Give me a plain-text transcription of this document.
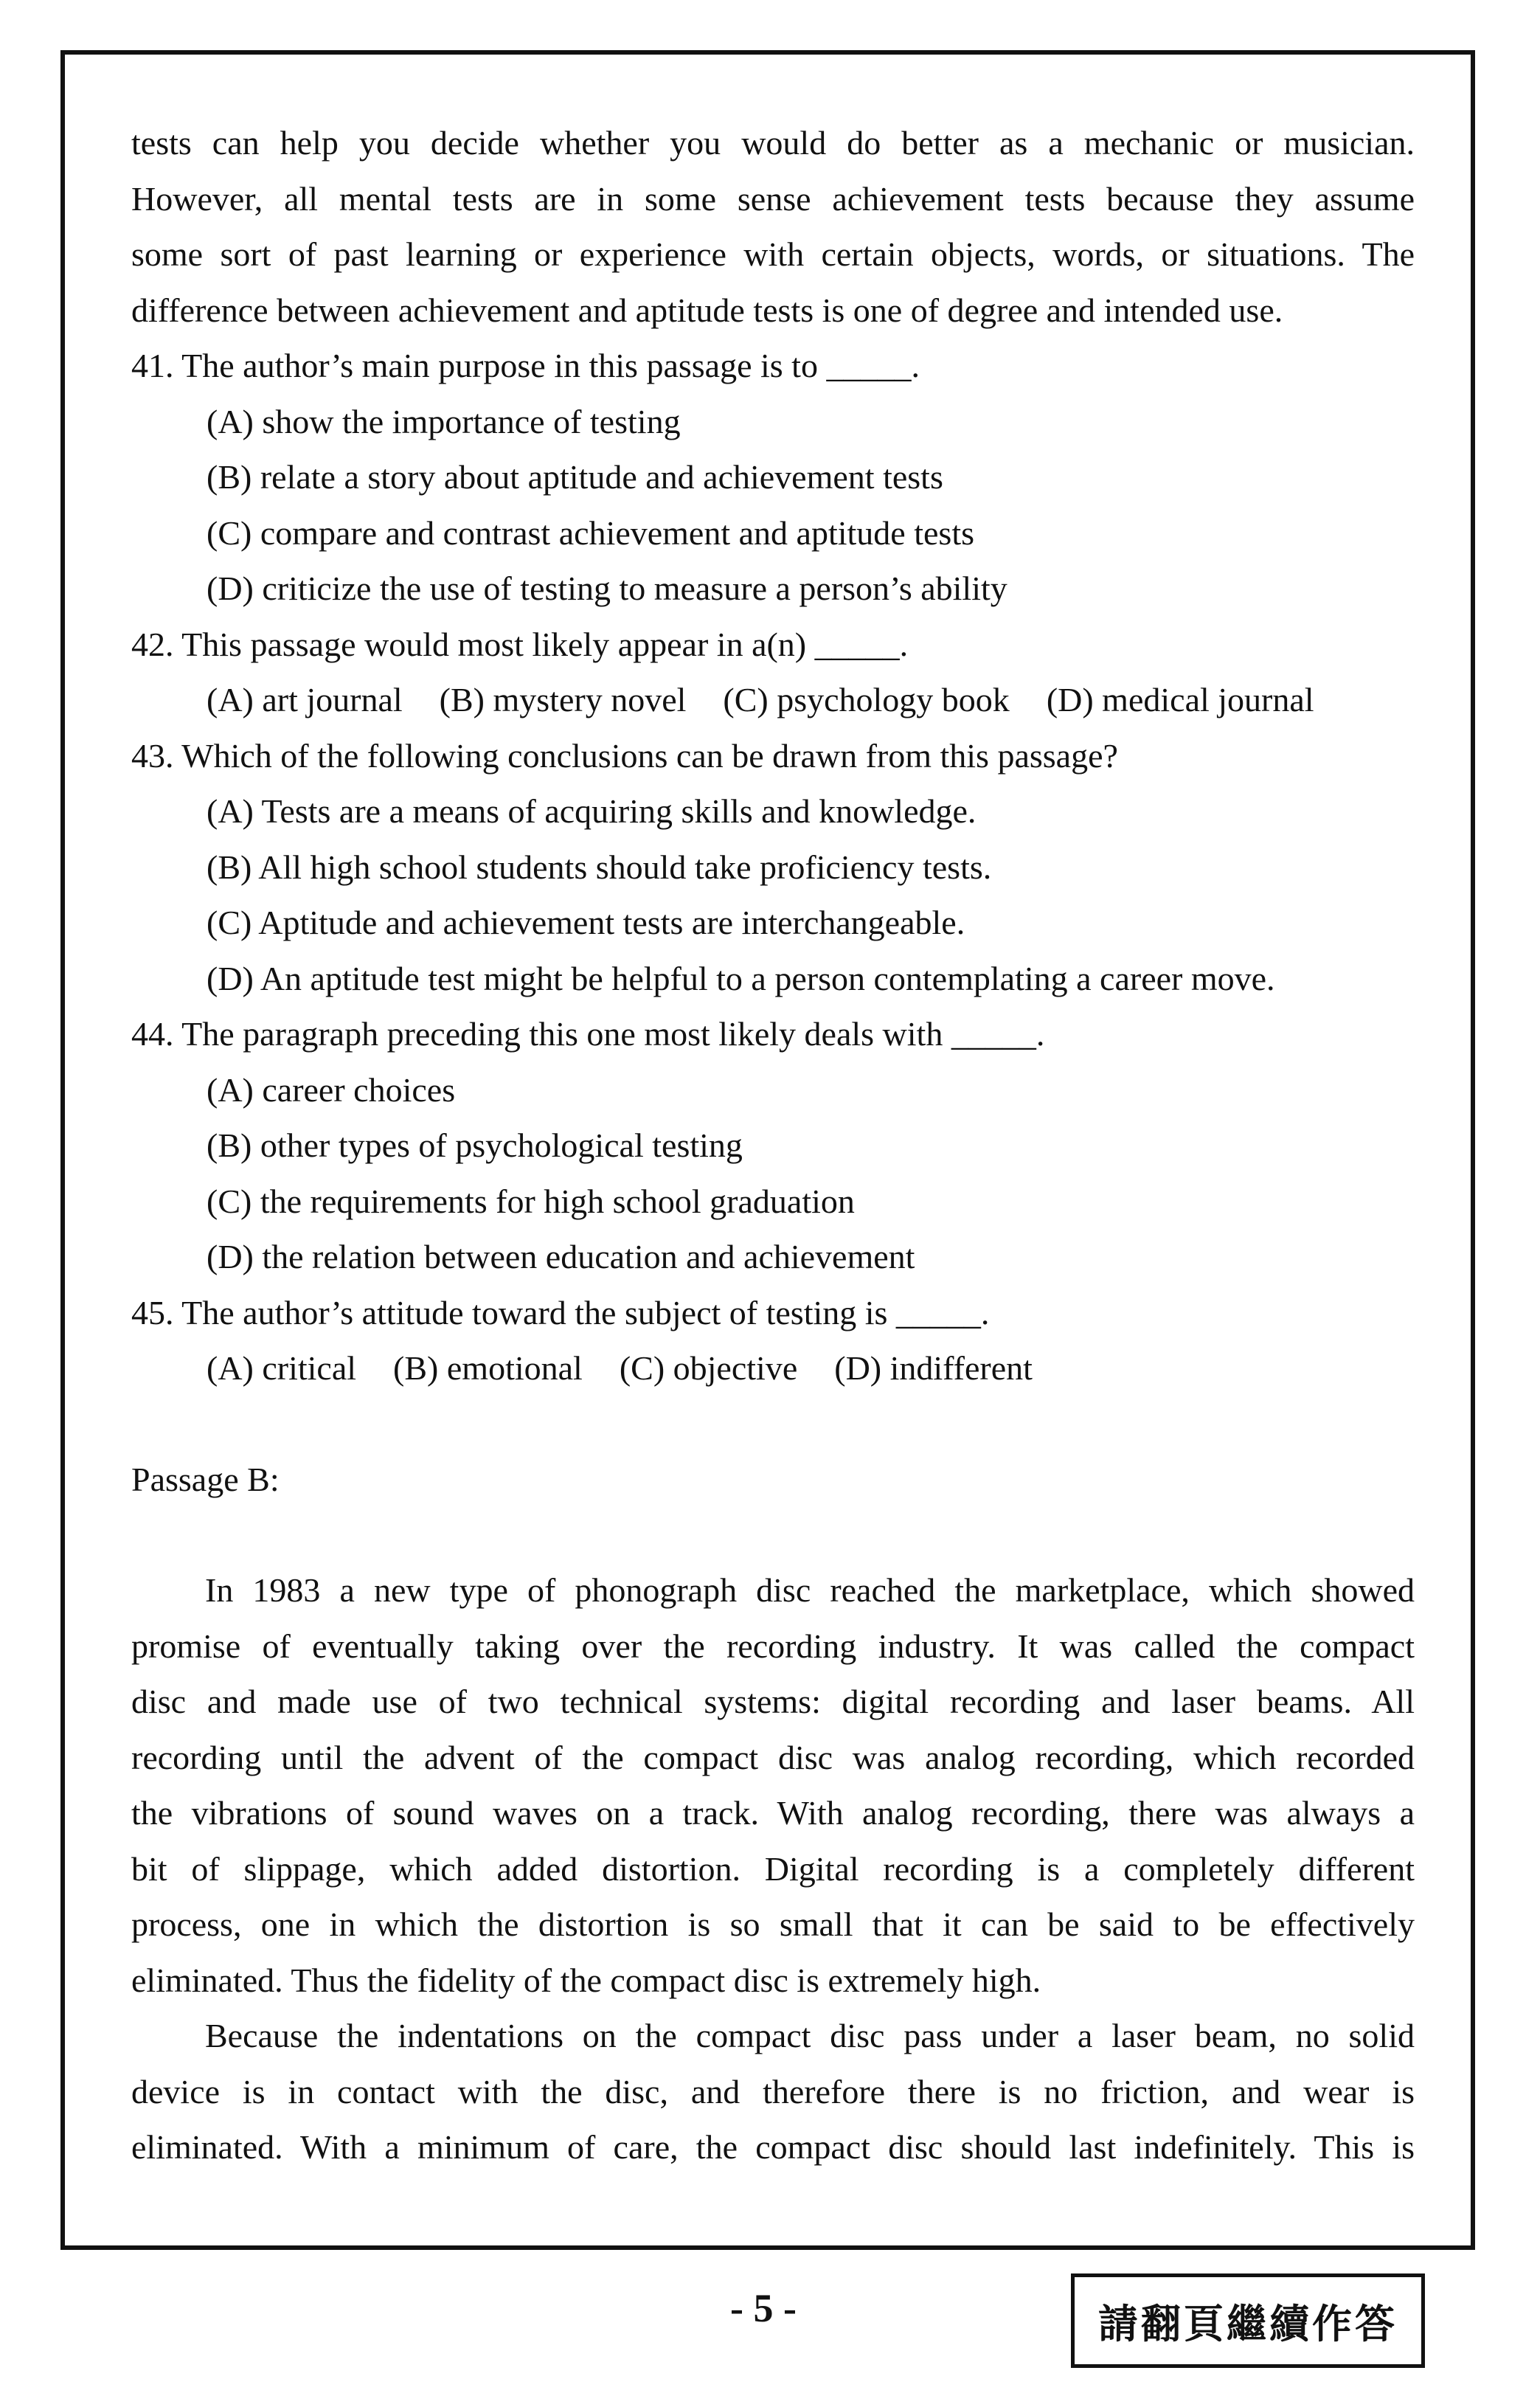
tests can help you decide whether you would do better as a mechanic or musician.
However, all mental tests are in some sense achievement tests because they assume
some sort of past learning or experience with certain objects, words, or situations. The
difference between achievement and aptitude tests is one of degree and intended use.
41. The author’s main purpose in this passage is to _____.
(A) show the importance of testing
(B) relate a story about aptitude and achievement tests
(C) compare and contrast achievement and aptitude tests
(D) criticize the use of testing to measure a person’s ability
42. This passage would most likely appear in a(n) _____.
(A) art journal (B) mystery novel (C) psychology book (D) medical journal
43. Which of the following conclusions can be drawn from this passage?
(A) Tests are a means of acquiring skills and knowledge.
(B) All high school students should take proficiency tests.
(C) Aptitude and achievement tests are interchangeable.
(D) An aptitude test might be helpful to a person contemplating a career move.
44. The paragraph preceding this one most likely deals with _____.
(A) career choices
(B) other types of psychological testing
(C) the requirements for high school graduation
(D) the relation between education and achievement
45. The author’s attitude toward the subject of testing is _____.
(A) critical (B) emotional (C) objective (D) indifferent
Passage B:
In 1983 a new type of phonograph disc reached the marketplace, which showed
promise of eventually taking over the recording industry. It was called the compact
disc and made use of two technical systems: digital recording and laser beams. All
recording until the advent of the compact disc was analog recording, which recorded
the vibrations of sound waves on a track. With analog recording, there was always a
bit of slippage, which added distortion. Digital recording is a completely different
process, one in which the distortion is so small that it can be said to be effectively
eliminated. Thus the fidelity of the compact disc is extremely high.
Because the indentations on the compact disc pass under a laser beam, no solid
device is in contact with the disc, and therefore there is no friction, and wear is
eliminated. With a minimum of care, the compact disc should last indefinitely. This is
- 5 -	請翻頁繼續作答
